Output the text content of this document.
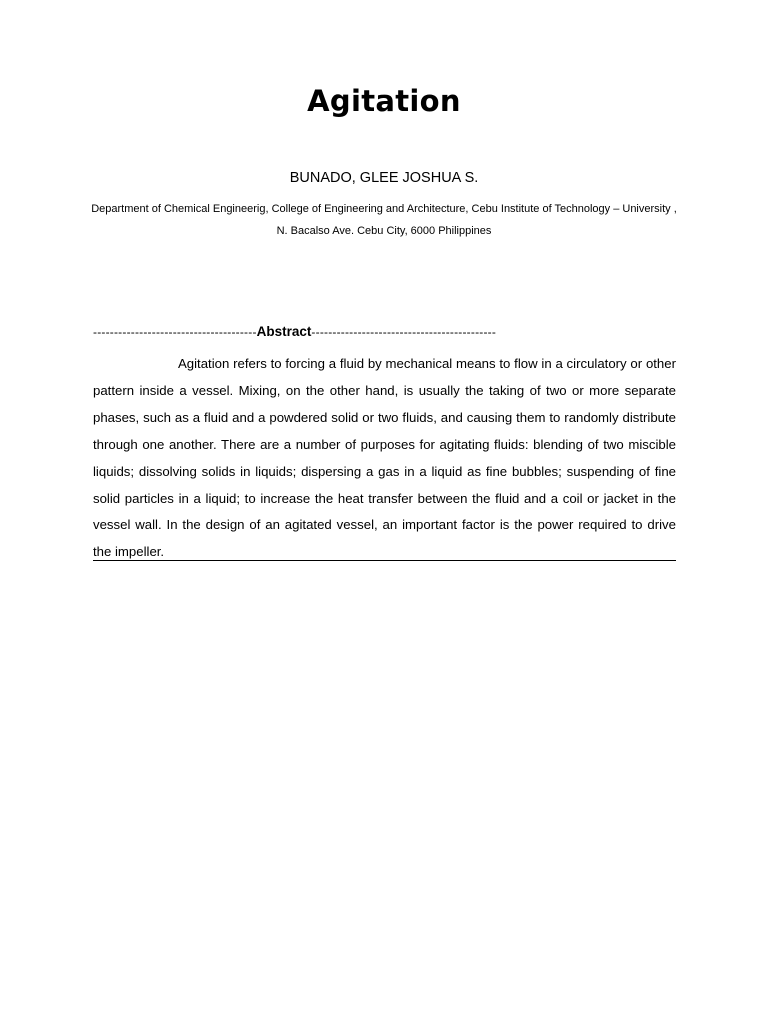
Agitation
BUNADO, GLEE JOSHUA S.
Department of Chemical Engineerig, College of Engineering and Architecture, Cebu Institute of Technology – University , N. Bacalso Ave. Cebu City, 6000 Philippines
---------------------------------------Abstract--------------------------------------------

Agitation refers to forcing a fluid by mechanical means to flow in a circulatory or other pattern inside a vessel. Mixing, on the other hand, is usually the taking of two or more separate phases, such as a fluid and a powdered solid or two fluids, and causing them to randomly distribute through one another. There are a number of purposes for agitating fluids: blending of two miscible liquids; dissolving solids in liquids; dispersing a gas in a liquid as fine bubbles; suspending of fine solid particles in a liquid; to increase the heat transfer between the fluid and a coil or jacket in the vessel wall. In the design of an agitated vessel, an important factor is the power required to drive the impeller.
